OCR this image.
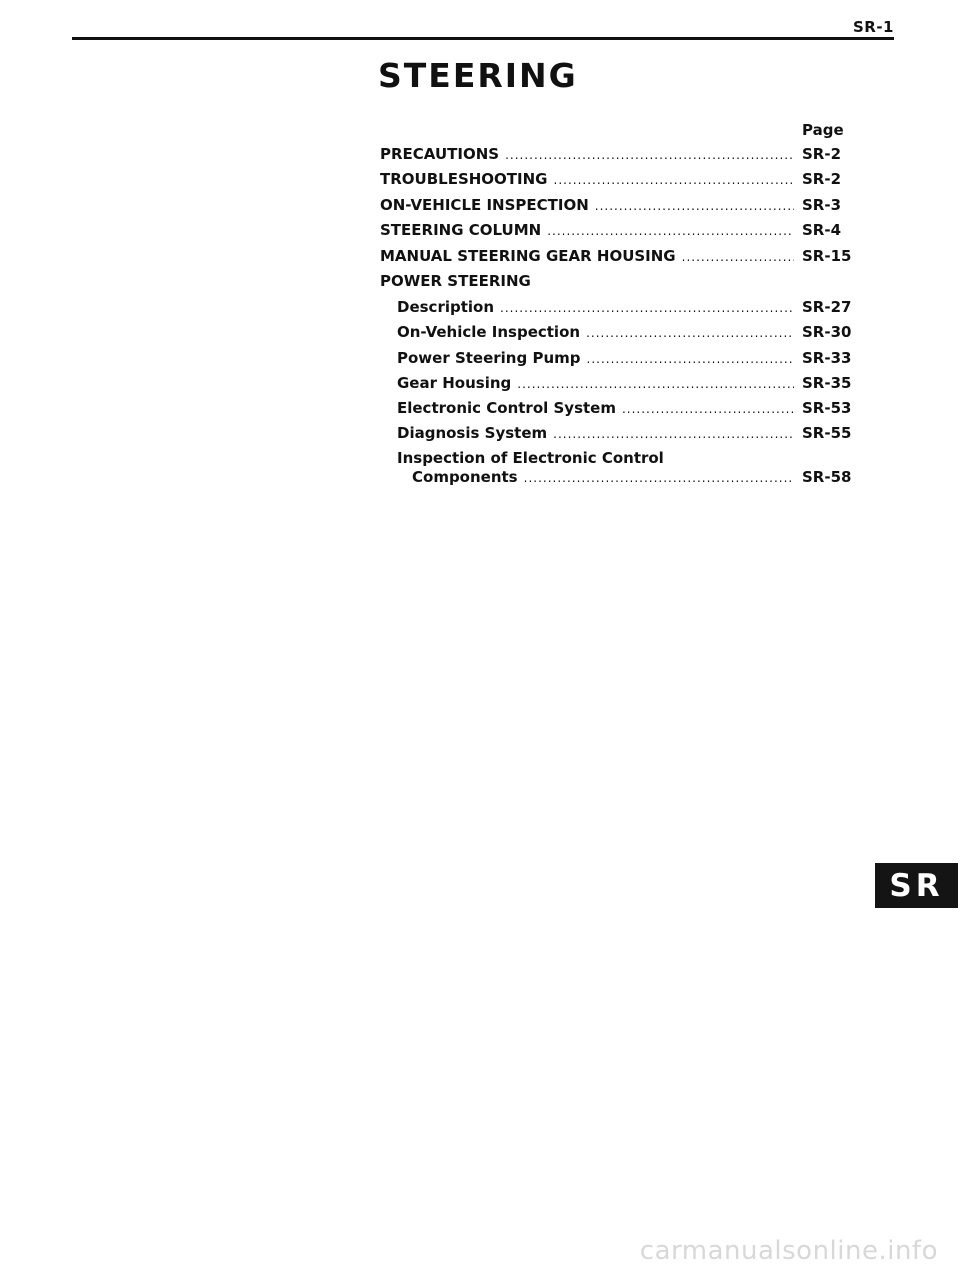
SR-1
STEERING
Page
PRECAUTIONS .....	SR-2
TROUBLESHOOTING .....	SR-2
ON-VEHICLE INSPECTION .....	SR-3
STEERING COLUMN .....	SR-4
MANUAL STEERING GEAR HOUSING .....	SR-15
POWER STEERING
Description .....	SR-27
On-Vehicle Inspection .....	SR-30
Power Steering Pump .....	SR-33
Gear Housing .....	SR-35
Electronic Control System .....	SR-53
Diagnosis System .....	SR-55
Inspection of Electronic Control
Components .....	SR-58
SR
carmanualsonline.info
